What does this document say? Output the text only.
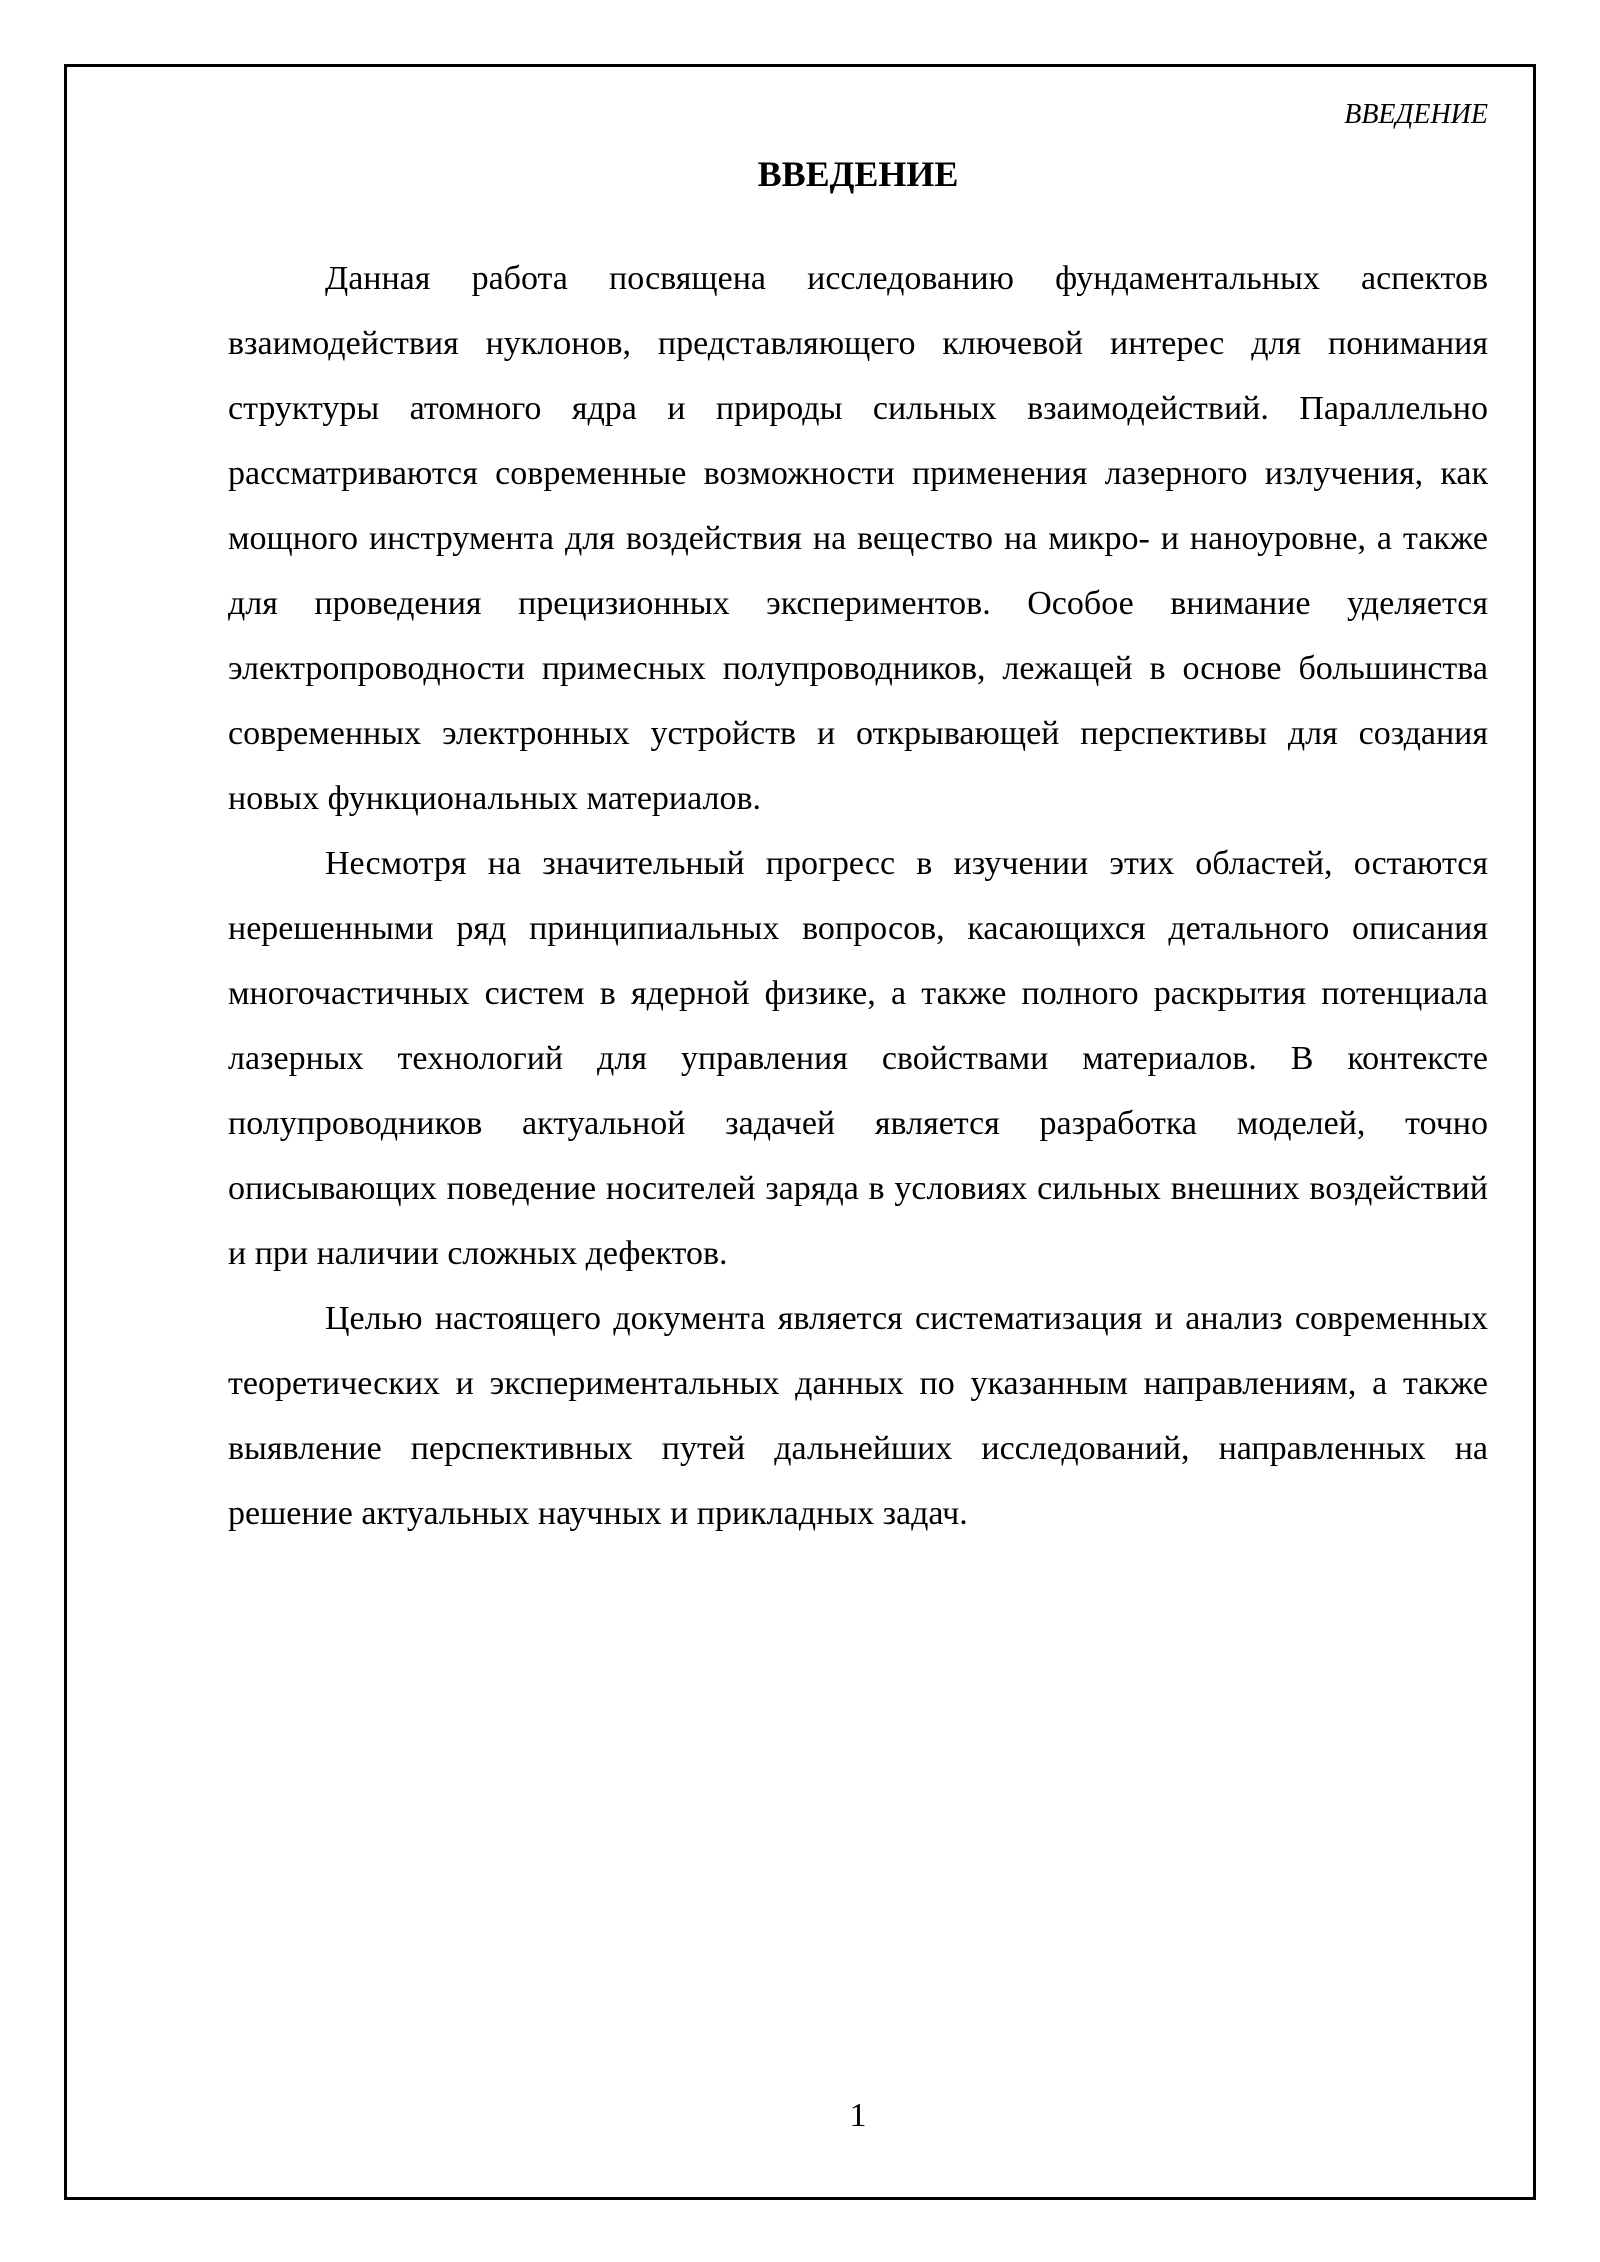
ВВЕДЕНИЕ
ВВЕДЕНИЕ

Данная работа посвящена исследованию фундаментальных аспектов взаимодействия нуклонов, представляющего ключевой интерес для понимания структуры атомного ядра и природы сильных взаимодействий. Параллельно рассматриваются современные возможности применения лазерного излучения, как мощного инструмента для воздействия на вещество на микро- и наноуровне, а также для проведения прецизионных экспериментов. Особое внимание уделяется электропроводности примесных полупроводников, лежащей в основе большинства современных электронных устройств и открывающей перспективы для создания новых функциональных материалов.

Несмотря на значительный прогресс в изучении этих областей, остаются нерешенными ряд принципиальных вопросов, касающихся детального описания многочастичных систем в ядерной физике, а также полного раскрытия потенциала лазерных технологий для управления свойствами материалов. В контексте полупроводников актуальной задачей является разработка моделей, точно описывающих поведение носителей заряда в условиях сильных внешних воздействий и при наличии сложных дефектов.

Целью настоящего документа является систематизация и анализ современных теоретических и экспериментальных данных по указанным направлениям, а также выявление перспективных путей дальнейших исследований, направленных на решение актуальных научных и прикладных задач.

1
